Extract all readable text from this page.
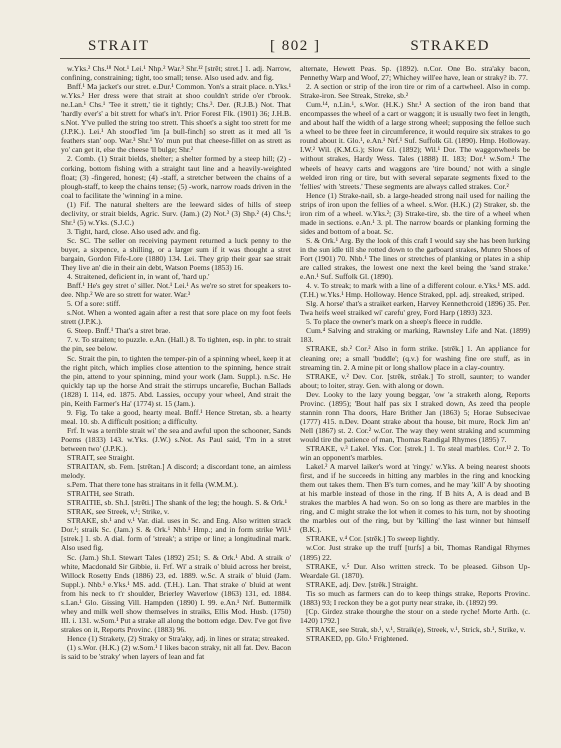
STRAIT	[ 802 ]	STRAKED

w.Yks.² Chs.¹⁸ Not.¹ Lei.¹ Nhp.² War.³ Shr.¹² [strēt; stret.] 1. adj. Narrow, confining, constraining; tight, too small; tense. Also used adv. and fig.

Bnff.¹ Ma jacket's our stret. e.Dur.¹ Common. Yon's a strait place. n.Yks.¹ w.Yks.² Her dress were that strait at shoo couldn't stride o'er t'brook. ne.Lan.¹ Chs.¹ 'Tee it strett,' tie it tightly; Chs.³. Der. (R.J.B.) Not. That 'hardly ever's' a bit strett for what's in't. Prior Forest Flk. (1901) 36; J.H.B. s.Not. Y've pulled the string too strett. This shoet's a sight too strett for me (J.P.K.). Lei.¹ Ah stood'led 'im [a bull-finch] so strett as it med all 'is feathers stan' oop. War.³ Shr.¹ Yo' mun put that cheese-fillet on as strett as yo' can get it, else the cheese 'll bulge; Shr.²

2. Comb. (1) Strait bields, shelter; a shelter formed by a steep hill; (2) -corking, bottom fishing with a straight taut line and a heavily-weighted float; (3) -fingered, honest; (4) -staff, a stretcher between the chains of a plough-staff, to keep the chains tense; (5) -work, narrow roads driven in the coal to facilitate the 'winning' in a mine.

(1) Fif. The natural shelters are the leeward sides of hills of steep declivity, or strait bields, Agric. Surv. (Jam.) (2) Not.³ (3) Shp.² (4) Chs.¹; Shr.¹ (5) w.Yks. (S.J.C.)

3. Tight, hard, close. Also used adv. and fig.

Sc. SC. The seller on receiving payment returned a luck penny to the buyer, a sixpence, a shilling, or a larger sum if it was thought a stret bargain, Gordon Fife-Lore (1880) 134. Lei. They grip their gear sae strait They live an' die in their ain debt, Watson Poems (1853) 16.

4. Straitened, deficient in, in want of, 'hard up.'

Bnff.¹ He's gey stret o' siller. Not.¹ Lei.¹ As we're so stret for speakers to-dee. Nhp.² We are so strett for water. War.³

5. Of a sore: stiff.

s.Not. When a wonted again after a rest that sore place on my foot feels strett (J.P.K.).

6. Steep. Bnff.¹ That's a stret brae.

7. v. To straiten; to puzzle. e.An. (Hall.) 8. To tighten, esp. in phr. to strait the pin, see below.

Sc. Strait the pin, to tighten the temper-pin of a spinning wheel, keep it at the right pitch, which implies close attention to the spinning, hence strait the pin, attend to your spinning, mind your work (Jam. Suppl.). n.Sc. He quickly tap up the horse And strait the stirrups uncarefie, Buchan Ballads (1828) I. 114, ed. 1875. Abd. Lassies, occupy your wheel, And strait the pin, Keith Farmer's Ha' (1774) st. 15 (Jam.).

9. Fig. To take a good, hearty meal. Bnff.¹ Hence Stretan, sb. a hearty meal. 10. sb. A difficult position; a difficulty.

Frf. It was a terrible strait wi' the sea and awful upon the schooner, Sands Poems (1833) 143. w.Yks. (J.W.) s.Not. As Paul said, 'I'm in a stret between two' (J.P.K.).

STRAIT, see Straight.

STRAITAN, sb. Fem. [strētən.] A discord; a discordant tone, an aimless melody.

s.Pem. That there tone has straitans in it fella (W.M.M.).

STRAITH, see Strath.

STRAITIE, sb. Sh.I. [strēti.] The shank of the leg; the hough. S. & Ork.¹

STRAK, see Streek, v.¹; Strike, v.

STRAKE, sb.¹ and v.¹ Var. dial. uses in Sc. and Eng. Also written strack Dor.¹; straik Sc. (Jam.) S. & Ork.¹ Nhb.¹ Hmp.; and in form strike Wil.¹ [strek.] 1. sb. A dial. form of 'streak'; a stripe or line; a longitudinal mark. Also used fig.

Sc. (Jam.) Sh.I. Stewart Tales (1892) 251; S. & Ork.¹ Abd. A straik o' white, Macdonald Sir Gibbie, ii. Frf. Wi' a straik o' bluid across her breist, Willock Rosetty Ends (1886) 23, ed. 1889. w.Sc. A straik o' bluid (Jam. Suppl.). Nhb.¹ e.Yks.¹ MS. add. (T.H.). Lan. That strake o' bluid at went from his neck to t'r shoulder, Brierley Waverlow (1863) 131, ed. 1884. s.Lan.¹ Glo. Gissing Vill. Hampden (1890) I. 99. e.An.¹ Nrf. Buttermilk whey and milk well show themselves in straiks, Ellis Mod. Husb. (1750) III. i. 131. w.Som.¹ Put a strake all along the bottom edge. Dev. I've got five strakes on it, Reports Provinc. (1883) 96.

Hence (1) Strakety, (2) Straky or Stra'aky, adj. in lines or strata; streaked.

(1) s.Wor. (H.K.) (2) w.Som.¹ I likes bacon straky, nit all fat. Dev. Bacon is said to be 'straky' when layers of lean and fat

alternate, Hewett Peas. Sp. (1892). n.Cor. One Bo. stra'aky bacon, Pennethy Warp and Woof, 27; Whichey will'ee have, lean or straky? ib. 77.

2. A section or strip of the iron tire or rim of a cartwheel. Also in comp. Strake-iron. See Streak, Streke, sb.²

Cum.¹⁴, n.Lin.¹, s.Wor. (H.K.) Shr.¹ A section of the iron band that encompasses the wheel of a cart or waggon; it is usually two feet in length, and about half the width of a large strong wheel; supposing the felloe such a wheel to be three feet in circumference, it would require six strakes to go round about it. Glo.¹, e.An.¹ Nrf.¹ Suf. Suffolk Gl. (1890). Hmp. Holloway. I.W.² Wil. (K.M.G.); Slow Gl. (1892); Wil.¹ Dor. The waggonwheels be without strakes, Hardy Wess. Tales (1888) II. 183; Dor.¹ w.Som.¹ The wheels of heavy carts and waggons are 'tire bound,' not with a single welded iron ring or tire, but with several separate segments fixed to the 'fellies' with 'streets.' These segments are always called strakes. Cor.²

Hence (1) Strake-nail, sb. a large-headed strong nail used for nailing the strips of iron upon the fellies of a wheel. s.Wor. (H.K.) (2) Straker, sb. the iron rim of a wheel. w.Yks.²; (3) Strake-tire, sb. the tire of a wheel when made in sections. e.An.¹ 3. pl. The narrow boards or planking forming the sides and bottom of a boat. Sc.

S. & Ork.¹ Arg. By the look of this craft I would say she has been lurking in the sun idle till she rotted down to the garboard strakes, Munro Shoes of Fort (1901) 70. Nhb.¹ The lines or stretches of planking or plates in a ship are called strakes, the lowest one next the keel being the 'sand strake.' e.An.¹ Suf. Suffolk Gl. (1890).

4. v. To streak; to mark with a line of a different colour. e.Yks.¹ MS. add. (T.H.) w.Yks.¹ Hmp. Holloway. Hence Straked, ppl. adj. streaked, striped.

Slg. A horse' that's a straiket earken, Harvey Kennethcroid (1896) 35. Per. Twa heifs weel straiked wi' carefu' grey, Ford Harp (1893) 323.

5. To place the owner's mark on a sheep's fleece in ruddle.

Cum.⁴ Salving and straking or marking, Rawnsley Life and Nat. (1899) 183.

STRAKE, sb.² Cor.² Also in form strike. [strēk.] 1. An appliance for cleaning ore; a small 'buddle'; (q.v.) for washing fine ore stuff, as in streaming tin. 2. A mine pit or long shallow place in a clay-country.

STRAKE, v.² Dev. Cor. [strēk, strēak.] To stroll, saunter; to wander about; to loiter, stray. Gen. with along or down.

Dev. Looky to the lazy young beggar, 'ow 'a straketh along, Reports Provinc. (1895); 'Bout half pas six I straked down, As zeed tha people stannin ronn Tha doors, Hare Brither Jan (1863) 5; Horae Subsecivae (1777) 415. n.Dev. Doant strake about tha house, bit mure, Rock Jim an' Nell (1867) st. 2. Cor.² w.Cor. The way they went straking and scumming would tire the patience of man, Thomas Randigal Rhymes (1895) 7.

STRAKE, v.³ Lakel. Yks. Cor. [strek.] 1. To steal marbles. Cor.¹² 2. To win an opponent's marbles.

Lakel.² A marvel laiker's word at 'ringy.' w.Yks. A being nearest shoots first, and if he succeeds in hitting any marbles in the ring and knocking them out takes them. Then B's turn comes, and he may 'kill' A by shooting at his marble instead of those in the ring. If B hits A, A is dead and B strakes the marbles A had won. So on so long as there are marbles in the ring, and C might strake the lot when it comes to his turn, not by shooting the marbles out of the ring, but by 'killing' the last winner but himself (B.K.).

STRAKE, v.⁴ Cor. [strēk.] To sweep lightly.

w.Cor. Just strake up the truff [turfs] a bit, Thomas Randigal Rhymes (1895) 22.

STRAKE, v.⁵ Dur. Also written streck. To be pleased. Gibson Up-Weardale Gl. (1870).

STRAKE, adj. Dev. [strēk.] Straight.

Tis so much as farmers can do to keep things strake, Reports Provinc. (1883) 93; I reckon they be a got purty near strake, ib. (1892) 99.

[Cp. Girdez strake thourghe the stour on a stede ryche! Morte Arth. (c. 1420) 1792.]

STRAKE, see Strak, sb.¹, v.¹, Straik(e), Streek, v.¹, Strick, sb.¹, Strike, v.

STRAKED, pp. Glo.¹ Frightened.
